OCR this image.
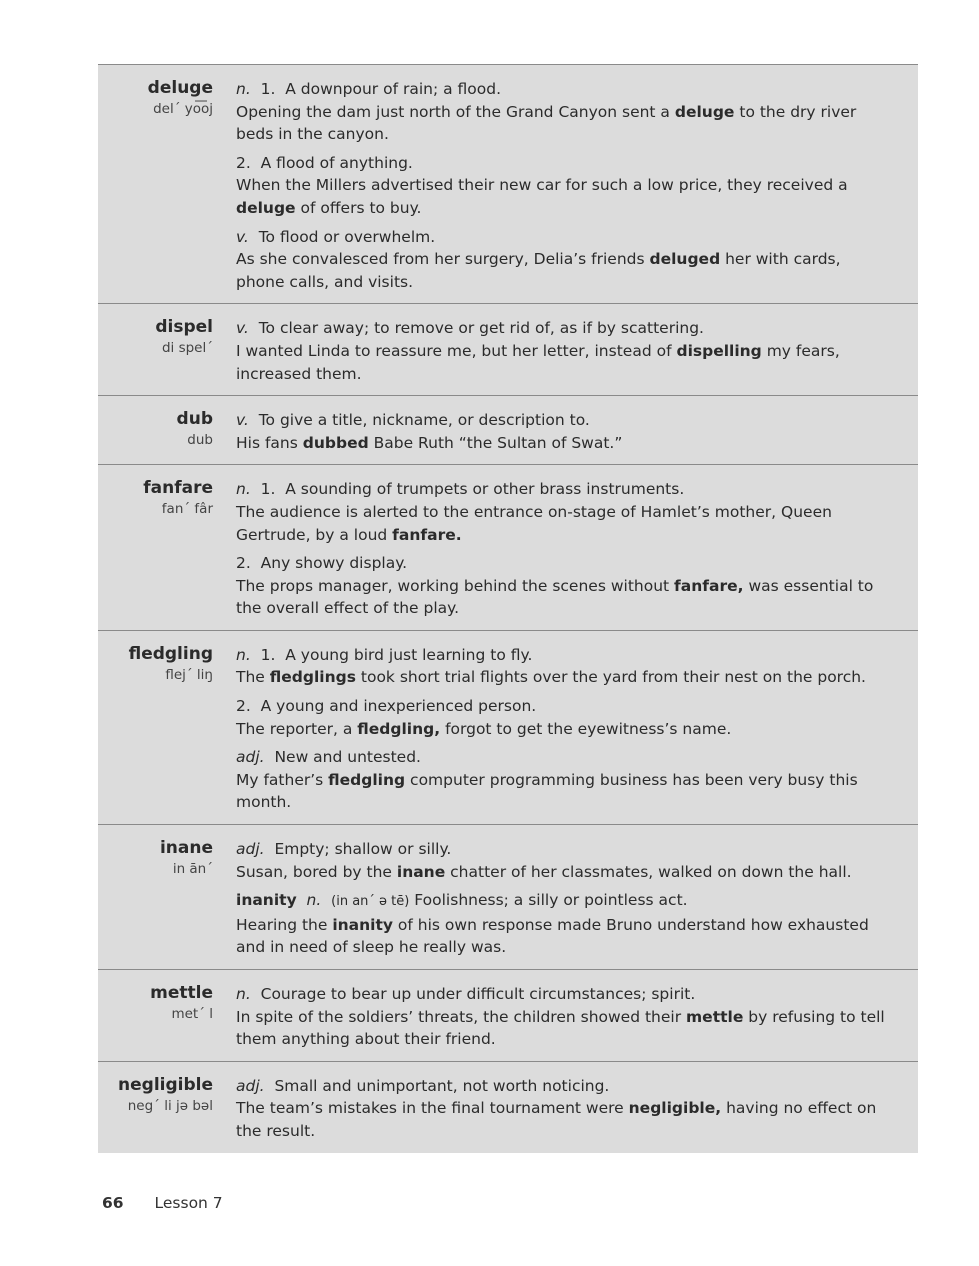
deluge
del´ yo͞oj
n. 1. A downpour of rain; a flood.
Opening the dam just north of the Grand Canyon sent a deluge to the dry river beds in the canyon.
2. A flood of anything.
When the Millers advertised their new car for such a low price, they received a deluge of offers to buy.
v. To flood or overwhelm.
As she convalesced from her surgery, Delia’s friends deluged her with cards, phone calls, and visits.
dispel
di spel´
v. To clear away; to remove or get rid of, as if by scattering.
I wanted Linda to reassure me, but her letter, instead of dispelling my fears, increased them.
dub
dub
v. To give a title, nickname, or description to.
His fans dubbed Babe Ruth “the Sultan of Swat.”
fanfare
fan´ fâr
n. 1. A sounding of trumpets or other brass instruments.
The audience is alerted to the entrance on-stage of Hamlet’s mother, Queen Gertrude, by a loud fanfare.
2. Any showy display.
The props manager, working behind the scenes without fanfare, was essential to the overall effect of the play.
fledgling
flej´ liŋ
n. 1. A young bird just learning to fly.
The fledglings took short trial flights over the yard from their nest on the porch.
2. A young and inexperienced person.
The reporter, a fledgling, forgot to get the eyewitness’s name.
adj. New and untested.
My father’s fledgling computer programming business has been very busy this month.
inane
in ān´
adj. Empty; shallow or silly.
Susan, bored by the inane chatter of her classmates, walked on down the hall.
inanity n. (in an´ ə tē) Foolishness; a silly or pointless act.
Hearing the inanity of his own response made Bruno understand how exhausted and in need of sleep he really was.
mettle
met´ l
n. Courage to bear up under difficult circumstances; spirit.
In spite of the soldiers’ threats, the children showed their mettle by refusing to tell them anything about their friend.
negligible
neg´ li jə bəl
adj. Small and unimportant, not worth noticing.
The team’s mistakes in the final tournament were negligible, having no effect on the result.
66 Lesson 7
